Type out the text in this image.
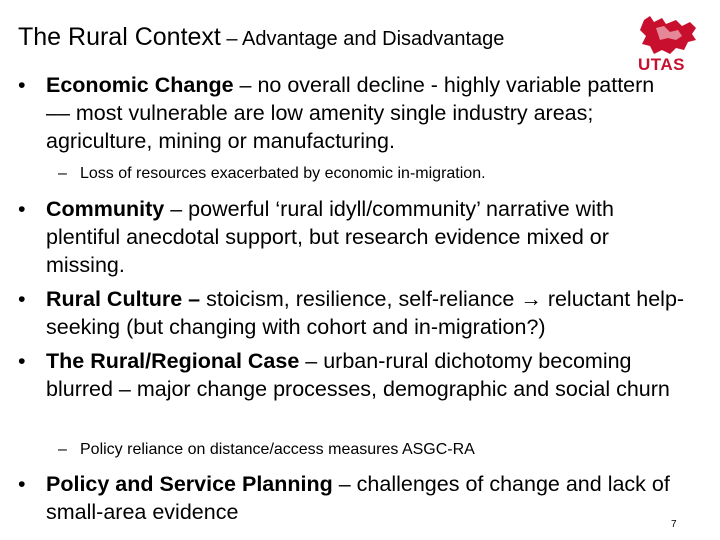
The Rural Context – Advantage and Disadvantage
UTAS
• Economic Change – no overall decline - highly variable pattern –– most vulnerable are low amenity single industry areas; agriculture, mining or manufacturing.
– Loss of resources exacerbated by economic in-migration.
• Community – powerful ‘rural idyll/community’ narrative with plentiful anecdotal support, but research evidence mixed or missing.
• Rural Culture – stoicism, resilience, self-reliance → reluctant help-seeking (but changing with cohort and in-migration?)
• The Rural/Regional Case – urban-rural dichotomy becoming blurred – major change processes, demographic and social churn
– Policy reliance on distance/access measures ASGC-RA
• Policy and Service Planning – challenges of change and lack of small-area evidence
7
